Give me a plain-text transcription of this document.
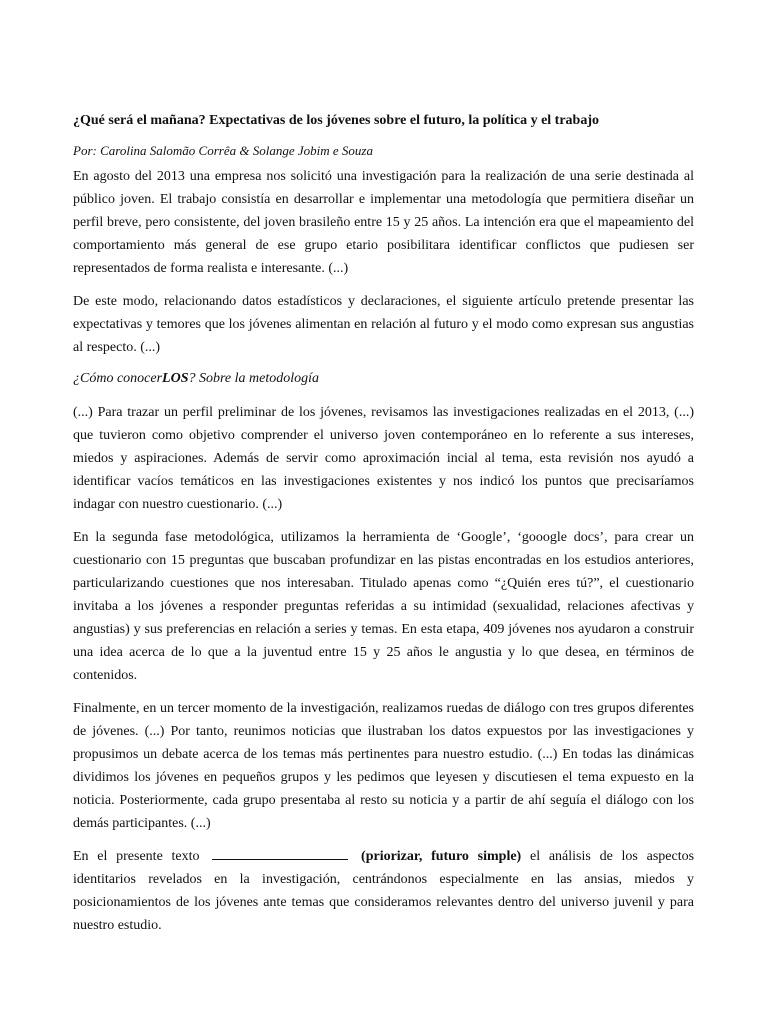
¿Qué será el mañana? Expectativas de los jóvenes sobre el futuro, la política y el trabajo
Por: Carolina Salomão Corrêa & Solange Jobim e Souza

En agosto del 2013 una empresa nos solicitó una investigación para la realización de una serie destinada al público joven. El trabajo consistía en desarrollar e implementar una metodología que permitiera diseñar un perfil breve, pero consistente, del joven brasileño entre 15 y 25 años. La intención era que el mapeamiento del comportamiento más general de ese grupo etario posibilitara identificar conflictos que pudiesen ser representados de forma realista e interesante. (...)

De este modo, relacionando datos estadísticos y declaraciones, el siguiente artículo pretende presentar las expectativas y temores que los jóvenes alimentan en relación al futuro y el modo como expresan sus angustias al respecto. (...)

¿Cómo conocerLOS? Sobre la metodología

(...) Para trazar un perfil preliminar de los jóvenes, revisamos las investigaciones realizadas en el 2013, (...) que tuvieron como objetivo comprender el universo joven contemporáneo en lo referente a sus intereses, miedos y aspiraciones. Además de servir como aproximación incial al tema, esta revisión nos ayudó a identificar vacíos temáticos en las investigaciones existentes y nos indicó los puntos que precisaríamos indagar con nuestro cuestionario. (...)

En la segunda fase metodológica, utilizamos la herramienta de ‘Google’, ‘gooogle docs’, para crear un cuestionario con 15 preguntas que buscaban profundizar en las pistas encontradas en los estudios anteriores, particularizando cuestiones que nos interesaban. Titulado apenas como “¿Quién eres tú?”, el cuestionario invitaba a los jóvenes a responder preguntas referidas a su intimidad (sexualidad, relaciones afectivas y angustias) y sus preferencias en relación a series y temas. En esta etapa, 409 jóvenes nos ayudaron a construir una idea acerca de lo que a la juventud entre 15 y 25 años le angustia y lo que desea, en términos de contenidos.

Finalmente, en un tercer momento de la investigación, realizamos ruedas de diálogo con tres grupos diferentes de jóvenes. (...) Por tanto, reunimos noticias que ilustraban los datos expuestos por las investigaciones y propusimos un debate acerca de los temas más pertinentes para nuestro estudio. (...) En todas las dinámicas dividimos los jóvenes en pequeños grupos y les pedimos que leyesen y discutiesen el tema expuesto en la noticia. Posteriormente, cada grupo presentaba al resto su noticia y a partir de ahí seguía el diálogo con los demás participantes. (...)

En el presente texto	(priorizar, futuro simple) el análisis de los aspectos identitarios revelados en la investigación, centrándonos especialmente en las ansias, miedos y posicionamientos de los jóvenes ante temas que consideramos relevantes dentro del universo juvenil y para nuestro estudio.
